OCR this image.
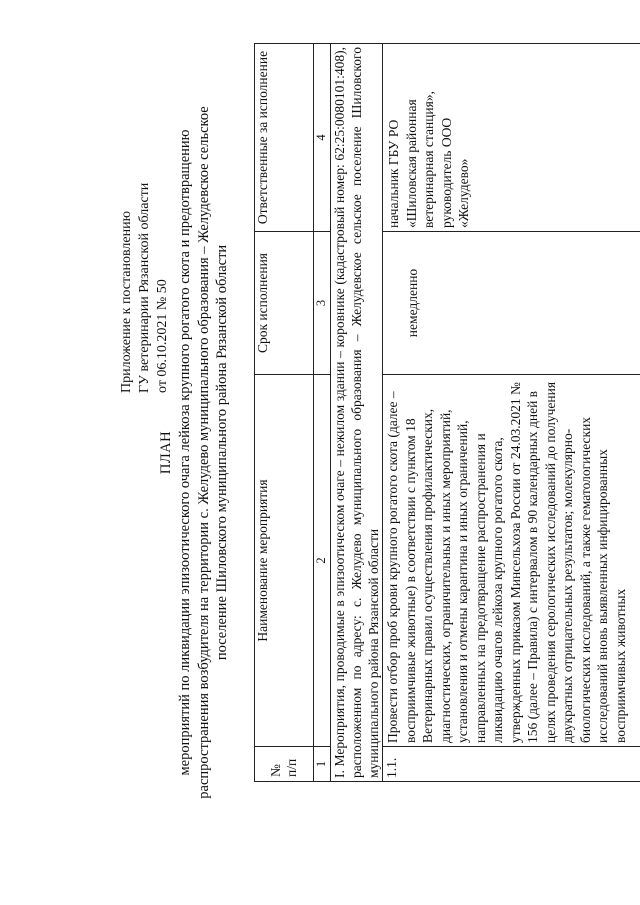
Приложение к постановлению ГУ ветеринарии Рязанской области от 06.10.2021 № 50
ПЛАН мероприятий по ликвидации эпизоотического очага лейкоза крупного рогатого скота и предотвращению распространения возбудителя на территории с. Желудево муниципального образования – Желудевское сельское поселение Шиловского муниципального района Рязанской области
№ п/п	Наименование мероприятия	Срок исполнения	Ответственные за исполнение
1	2	3	4
I. Мероприятия, проводимые в эпизоотическом очаге – нежилом здании – коровнике (кадастровый номер: 62:25:0080101:408), расположенном по адресу: с. Желудево муниципального образования – Желудевское сельское поселение Шиловского муниципального района Рязанской области			
1.1.	Провести отбор проб крови крупного рогатого скота (далее – восприимчивые животные) в соответствии с пунктом 18 Ветеринарных правил осуществления профилактических, диагностических, ограничительных и иных мероприятий, установления и отмены карантина и иных ограничений, направленных на предотвращение распространения и ликвидацию очагов лейкоза крупного рогатого скота, утвержденных приказом Минсельхоза России от 24.03.2021 № 156 (далее – Правила) с интервалом в 90 календарных дней в целях проведения серологических исследований до получения двукратных отрицательных результатов; молекулярно-биологических исследований, а также гематологических исследований вновь выявленных инфицированных восприимчивых животных	немедленно	начальник ГБУ РО «Шиловская районная ветеринарная станция», руководитель ООО «Желудево»
